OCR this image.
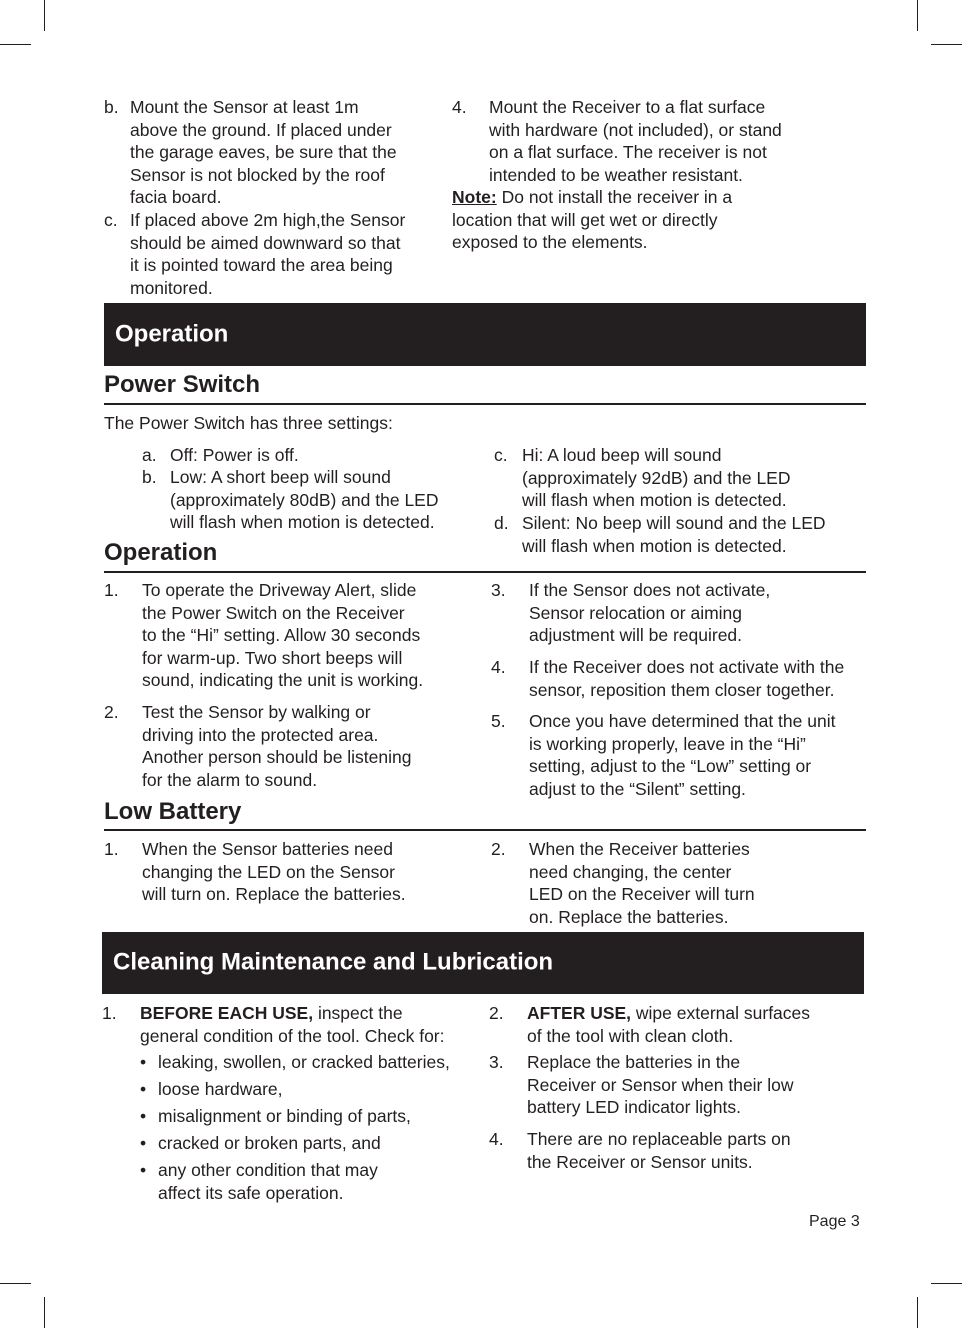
b. Mount the Sensor at least 1m
above the ground. If placed under
the garage eaves, be sure that the
Sensor is not blocked by the roof
facia board.
c. If placed above 2m high,the Sensor
should be aimed downward so that
it is pointed toward the area being
monitored.
4. Mount the Receiver to a flat surface
with hardware (not included), or stand
on a flat surface. The receiver is not
intended to be weather resistant.
Note: Do not install the receiver in a
location that will get wet or directly
exposed to the elements.
Operation
Power Switch
The Power Switch has three settings:
a. Off: Power is off.
b. Low: A short beep will sound
(approximately 80dB) and the LED
will flash when motion is detected.
c. Hi: A loud beep will sound
(approximately 92dB) and the LED
will flash when motion is detected.
d. Silent: No beep will sound and the LED
will flash when motion is detected.
Operation
1. To operate the Driveway Alert, slide
the Power Switch on the Receiver
to the “Hi” setting. Allow 30 seconds
for warm-up. Two short beeps will
sound, indicating the unit is working.
2. Test the Sensor by walking or
driving into the protected area.
Another person should be listening
for the alarm to sound.
3. If the Sensor does not activate,
Sensor relocation or aiming
adjustment will be required.
4. If the Receiver does not activate with the
sensor, reposition them closer together.
5. Once you have determined that the unit
is working properly, leave in the “Hi”
setting, adjust to the “Low” setting or
adjust to the “Silent” setting.
Low Battery
1. When the Sensor batteries need
changing the LED on the Sensor
will turn on. Replace the batteries.
2. When the Receiver batteries
need changing, the center
LED on the Receiver will turn
on. Replace the batteries.
Cleaning Maintenance and Lubrication
1. BEFORE EACH USE, inspect the
general condition of the tool. Check for:
• leaking, swollen, or cracked batteries,
• loose hardware,
• misalignment or binding of parts,
• cracked or broken parts, and
• any other condition that may
affect its safe operation.
2. AFTER USE, wipe external surfaces
of the tool with clean cloth.
3. Replace the batteries in the
Receiver or Sensor when their low
battery LED indicator lights.
4. There are no replaceable parts on
the Receiver or Sensor units.
Page 3
